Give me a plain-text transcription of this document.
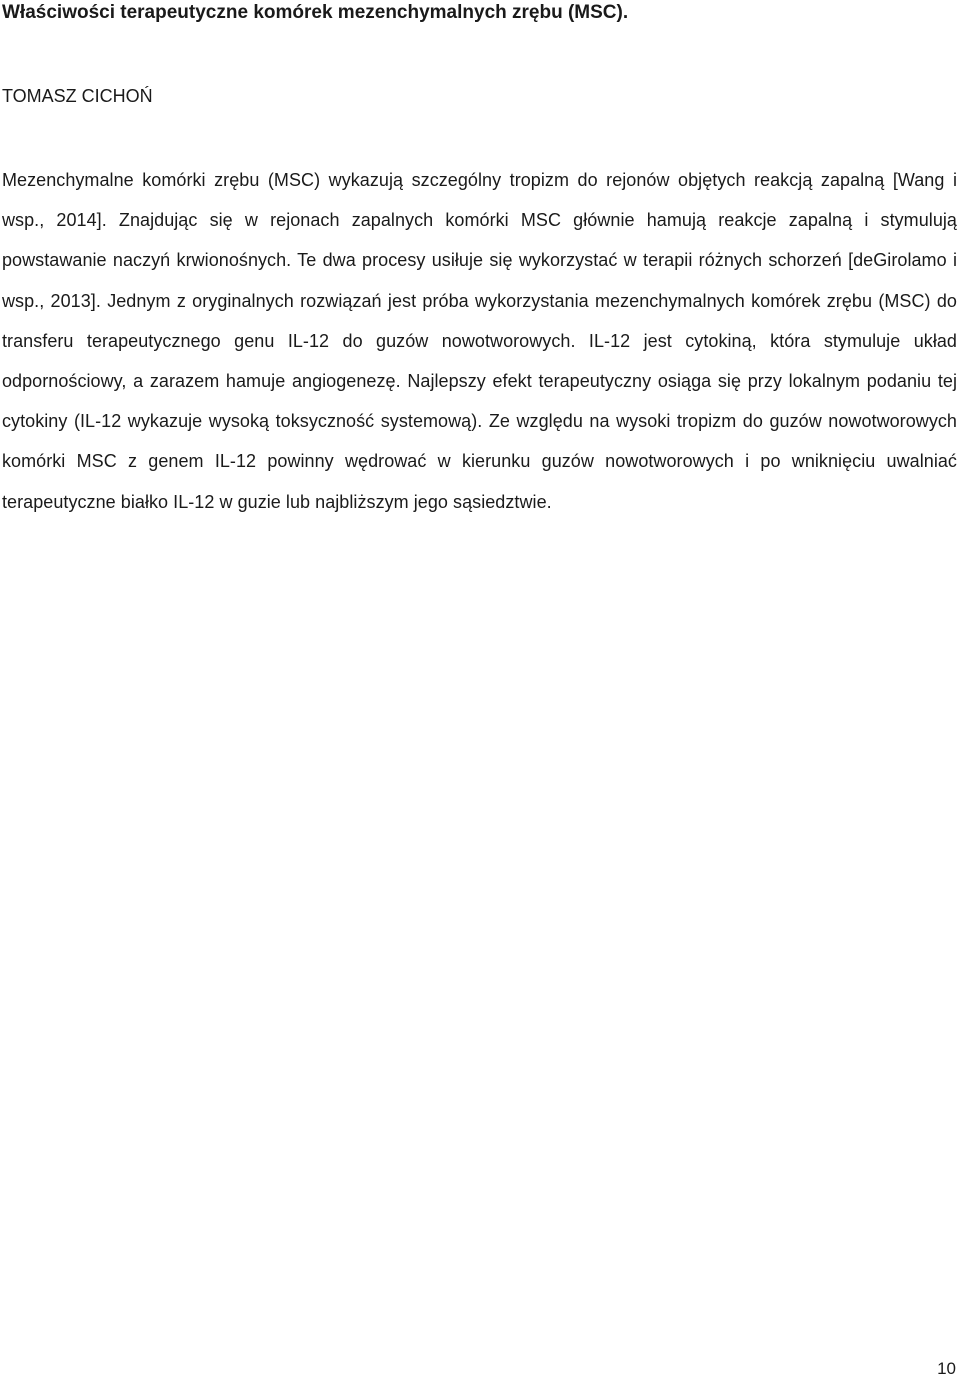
Właściwości terapeutyczne komórek mezenchymalnych zrębu (MSC).

TOMASZ CICHOŃ

Mezenchymalne komórki zrębu (MSC) wykazują szczególny tropizm do rejonów objętych reakcją zapalną [Wang i wsp., 2014]. Znajdując się w rejonach zapalnych komórki MSC głównie hamują reakcje zapalną i stymulują powstawanie naczyń krwionośnych. Te dwa procesy usiłuje się wykorzystać w terapii różnych schorzeń [deGirolamo i wsp., 2013]. Jednym z oryginalnych rozwiązań jest próba wykorzystania mezenchymalnych komórek zrębu (MSC) do transferu terapeutycznego genu IL-12 do guzów nowotworowych. IL-12 jest cytokiną, która stymuluje układ odpornościowy, a zarazem hamuje angiogenezę. Najlepszy efekt terapeutyczny osiąga się przy lokalnym podaniu tej cytokiny (IL-12 wykazuje wysoką toksyczność systemową). Ze względu na wysoki tropizm do guzów nowotworowych komórki MSC z genem IL-12 powinny wędrować w kierunku guzów nowotworowych i po wniknięciu uwalniać terapeutyczne białko IL-12 w guzie lub najbliższym jego sąsiedztwie.

10
